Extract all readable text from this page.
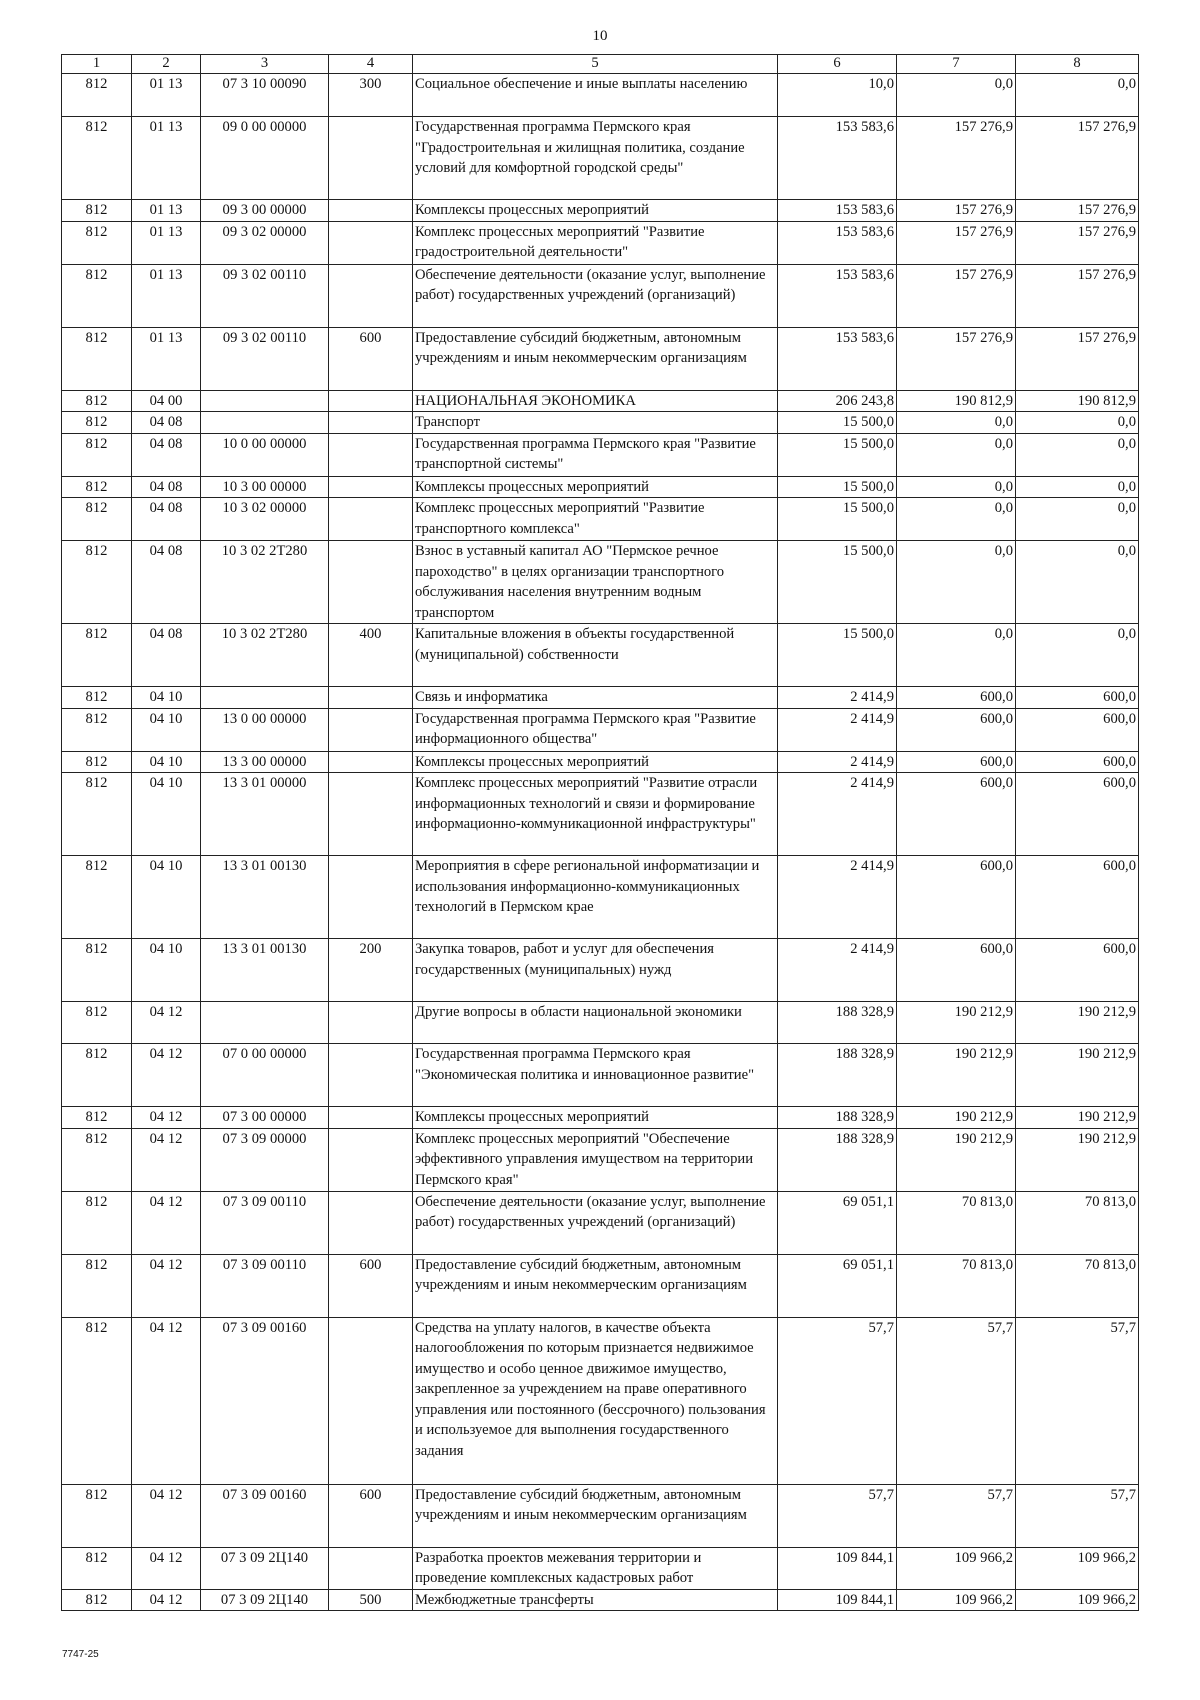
10
1	2	3	4	5	6	7	8
812	01 13	07 3 10 00090	300	Социальное обеспечение и иные выплаты населению	10,0	0,0	0,0
812	01 13	09 0 00 00000		Государственная программа Пермского края "Градостроительная и жилищная политика, создание условий для комфортной городской среды"	153 583,6	157 276,9	157 276,9
812	01 13	09 3 00 00000		Комплексы процессных мероприятий	153 583,6	157 276,9	157 276,9
812	01 13	09 3 02 00000		Комплекс процессных мероприятий "Развитие градостроительной деятельности"	153 583,6	157 276,9	157 276,9
812	01 13	09 3 02 00110		Обеспечение деятельности (оказание услуг, выполнение работ) государственных учреждений (организаций)	153 583,6	157 276,9	157 276,9
812	01 13	09 3 02 00110	600	Предоставление субсидий бюджетным, автономным учреждениям и иным некоммерческим организациям	153 583,6	157 276,9	157 276,9
812	04 00			НАЦИОНАЛЬНАЯ ЭКОНОМИКА	206 243,8	190 812,9	190 812,9
812	04 08			Транспорт	15 500,0	0,0	0,0
812	04 08	10 0 00 00000		Государственная программа Пермского края "Развитие транспортной системы"	15 500,0	0,0	0,0
812	04 08	10 3 00 00000		Комплексы процессных мероприятий	15 500,0	0,0	0,0
812	04 08	10 3 02 00000		Комплекс процессных мероприятий "Развитие транспортного комплекса"	15 500,0	0,0	0,0
812	04 08	10 3 02 2Т280		Взнос в уставный капитал АО "Пермское речное пароходство" в целях организации транспортного обслуживания населения внутренним водным транспортом	15 500,0	0,0	0,0
812	04 08	10 3 02 2Т280	400	Капитальные вложения в объекты государственной (муниципальной) собственности	15 500,0	0,0	0,0
812	04 10			Связь и информатика	2 414,9	600,0	600,0
812	04 10	13 0 00 00000		Государственная программа Пермского края "Развитие информационного общества"	2 414,9	600,0	600,0
812	04 10	13 3 00 00000		Комплексы процессных мероприятий	2 414,9	600,0	600,0
812	04 10	13 3 01 00000		Комплекс процессных мероприятий "Развитие отрасли информационных технологий и связи и формирование информационно-коммуникационной инфраструктуры"	2 414,9	600,0	600,0
812	04 10	13 3 01 00130		Мероприятия в сфере региональной информатизации и использования информационно-коммуникационных технологий в Пермском крае	2 414,9	600,0	600,0
812	04 10	13 3 01 00130	200	Закупка товаров, работ и услуг для обеспечения государственных (муниципальных) нужд	2 414,9	600,0	600,0
812	04 12			Другие вопросы в области национальной экономики	188 328,9	190 212,9	190 212,9
812	04 12	07 0 00 00000		Государственная программа Пермского края "Экономическая политика и инновационное развитие"	188 328,9	190 212,9	190 212,9
812	04 12	07 3 00 00000		Комплексы процессных мероприятий	188 328,9	190 212,9	190 212,9
812	04 12	07 3 09 00000		Комплекс процессных мероприятий "Обеспечение эффективного управления имуществом на территории Пермского края"	188 328,9	190 212,9	190 212,9
812	04 12	07 3 09 00110		Обеспечение деятельности (оказание услуг, выполнение работ) государственных учреждений (организаций)	69 051,1	70 813,0	70 813,0
812	04 12	07 3 09 00110	600	Предоставление субсидий бюджетным, автономным учреждениям и иным некоммерческим организациям	69 051,1	70 813,0	70 813,0
812	04 12	07 3 09 00160		Средства на уплату налогов, в качестве объекта налогообложения по которым признается недвижимое имущество и особо ценное движимое имущество, закрепленное за учреждением на праве оперативного управления или постоянного (бессрочного) пользования и используемое для выполнения государственного задания	57,7	57,7	57,7
812	04 12	07 3 09 00160	600	Предоставление субсидий бюджетным, автономным учреждениям и иным некоммерческим организациям	57,7	57,7	57,7
812	04 12	07 3 09 2Ц140		Разработка проектов межевания территории и проведение комплексных кадастровых работ	109 844,1	109 966,2	109 966,2
812	04 12	07 3 09 2Ц140	500	Межбюджетные трансферты	109 844,1	109 966,2	109 966,2
7747-25
